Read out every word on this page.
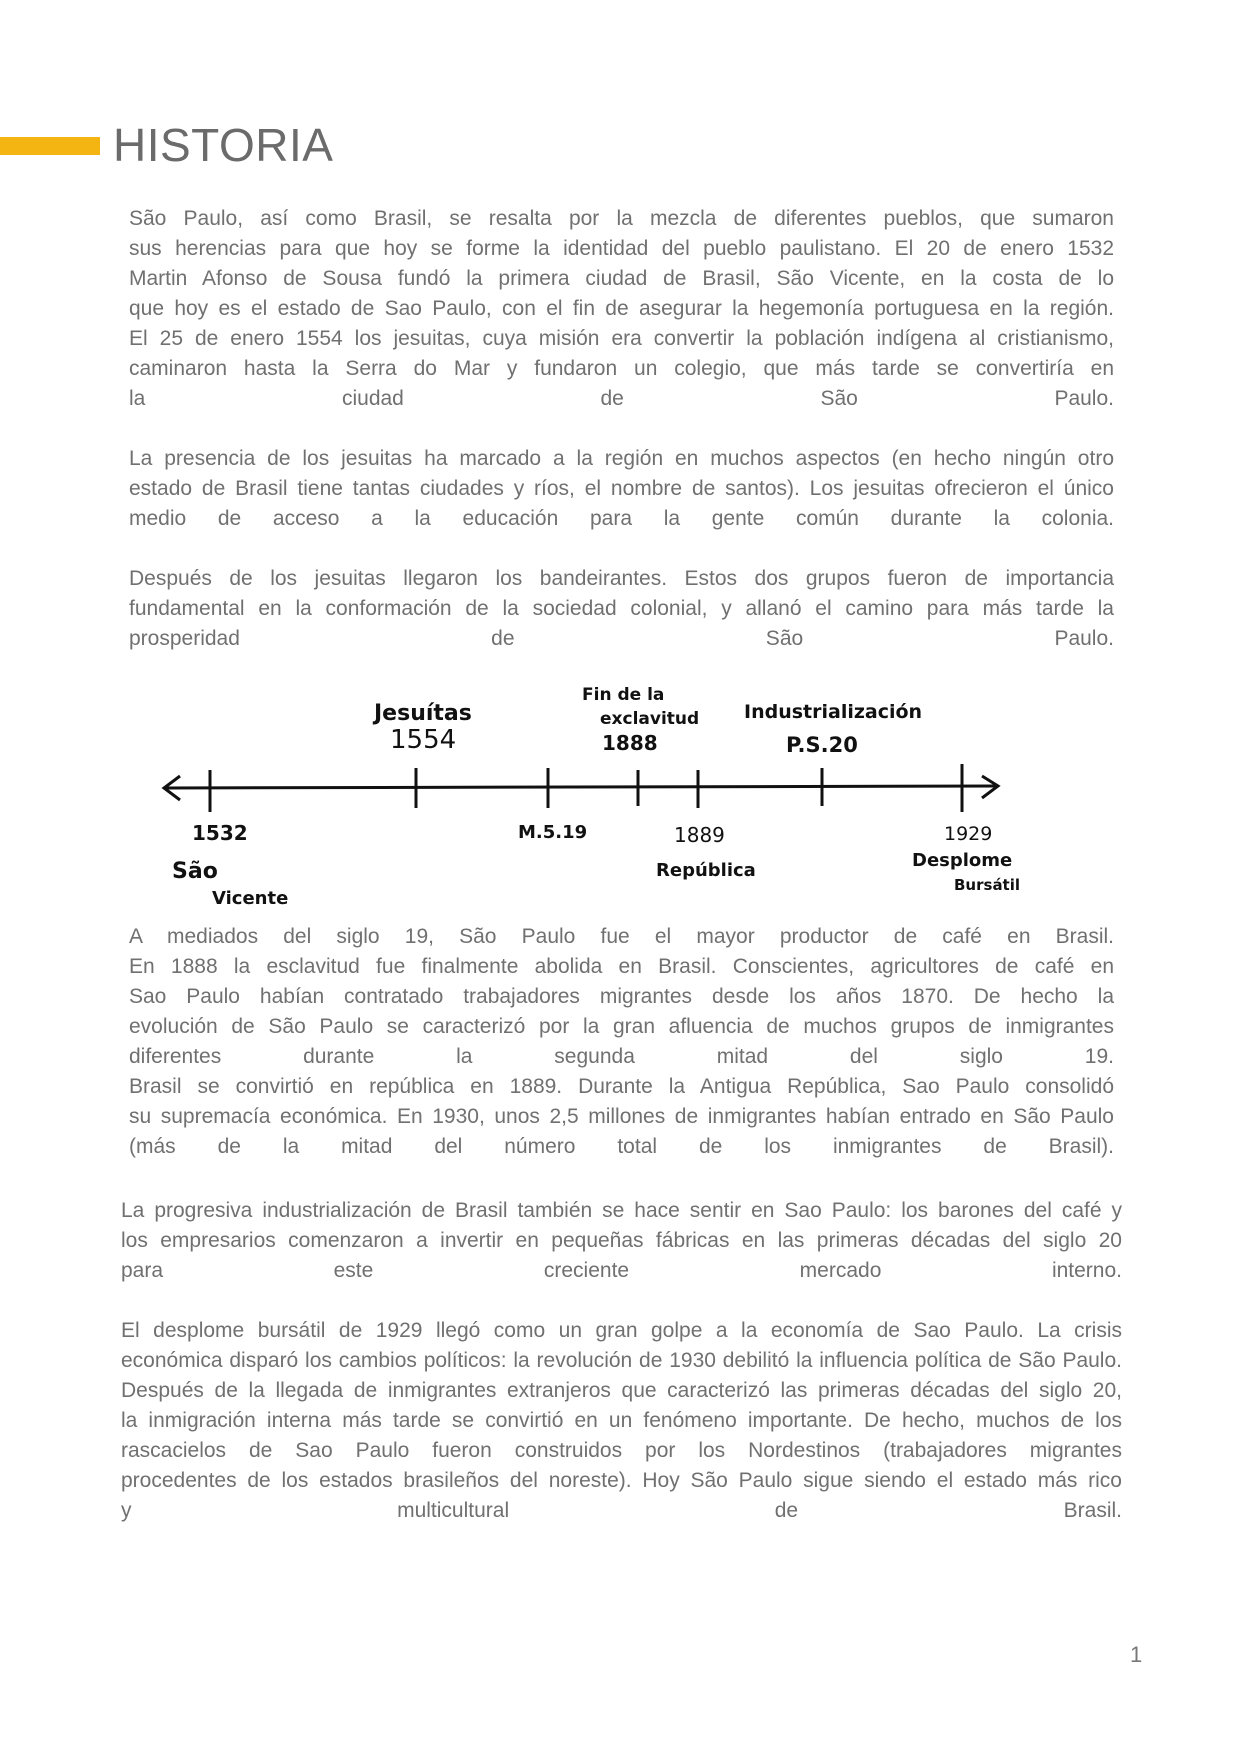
HISTORIA

São Paulo, así como Brasil, se resalta por la mezcla de diferentes pueblos, que sumaron
sus herencias para que hoy se forme la identidad del pueblo paulistano. El 20 de enero 1532
Martin Afonso de Sousa fundó la primera ciudad de Brasil, São Vicente, en la costa de lo
que hoy es el estado de Sao Paulo, con el fin de asegurar la hegemonía portuguesa en la región.
El 25 de enero 1554 los jesuitas, cuya misión era convertir la población indígena al cristianismo,
caminaron hasta la Serra do Mar y fundaron un colegio, que más tarde se convertiría en
la ciudad de São Paulo.

La presencia de los jesuitas ha marcado a la región en muchos aspectos (en hecho ningún otro
estado de Brasil tiene tantas ciudades y ríos, el nombre de santos). Los jesuitas ofrecieron el único
medio de acceso a la educación para la gente común durante la colonia.

Después de los jesuitas llegaron los bandeirantes. Estos dos grupos fueron de importancia
fundamental en la conformación de la sociedad colonial, y allanó el camino para más tarde la
prosperidad de São Paulo.

Jesuítas 1554
Fin de la exclavitud 1888
Industrialización P.S.20
1532 São Vicente
M.5.19	1889 República
1929 Desplome Bursátil

A mediados del siglo 19, São Paulo fue el mayor productor de café en Brasil.
En 1888 la esclavitud fue finalmente abolida en Brasil. Conscientes, agricultores de café en
Sao Paulo habían contratado trabajadores migrantes desde los años 1870. De hecho la
evolución de São Paulo se caracterizó por la gran afluencia de muchos grupos de inmigrantes
diferentes durante la segunda mitad del siglo 19.
Brasil se convirtió en república en 1889. Durante la Antigua República, Sao Paulo consolidó
su supremacía económica. En 1930, unos 2,5 millones de inmigrantes habían entrado en São Paulo
(más de la mitad del número total de los inmigrantes de Brasil).

La progresiva industrialización de Brasil también se hace sentir en Sao Paulo: los barones del café y
los empresarios comenzaron a invertir en pequeñas fábricas en las primeras décadas del siglo 20
para este creciente mercado interno.

El desplome bursátil de 1929 llegó como un gran golpe a la economía de Sao Paulo. La crisis
económica disparó los cambios políticos: la revolución de 1930 debilitó la influencia política de São Paulo.
Después de la llegada de inmigrantes extranjeros que caracterizó las primeras décadas del siglo 20,
la inmigración interna más tarde se convirtió en un fenómeno importante. De hecho, muchos de los
rascacielos de Sao Paulo fueron construidos por los Nordestinos (trabajadores migrantes
procedentes de los estados brasileños del noreste). Hoy São Paulo sigue siendo el estado más rico
y multicultural de Brasil.

1
